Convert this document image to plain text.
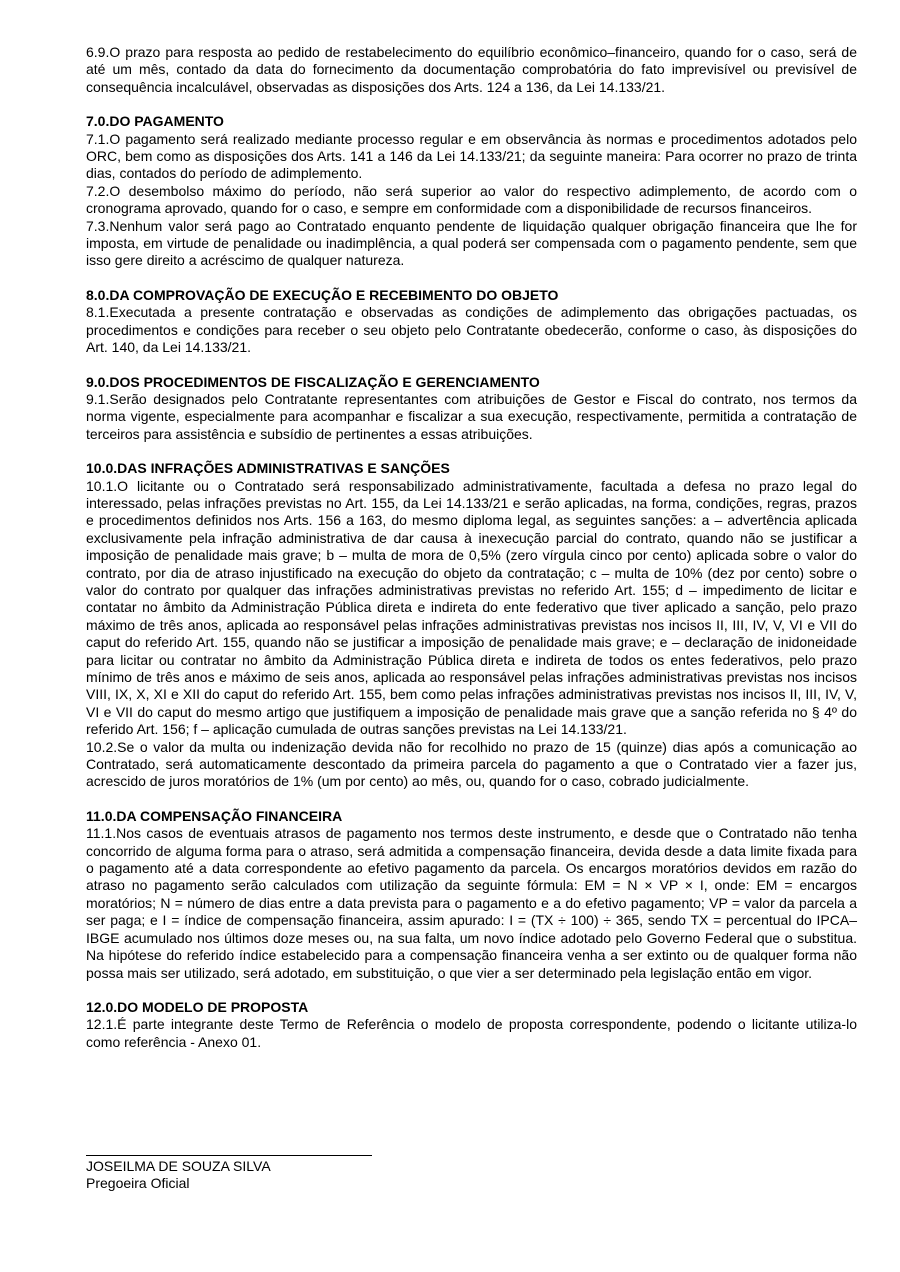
6.9.O prazo para resposta ao pedido de restabelecimento do equilíbrio econômico–financeiro, quando for o caso, será de até um mês, contado da data do fornecimento da documentação comprobatória do fato imprevisível ou previsível de consequência incalculável, observadas as disposições dos Arts. 124 a 136, da Lei 14.133/21.

7.0.DO PAGAMENTO

7.1.O pagamento será realizado mediante processo regular e em observância às normas e procedimentos adotados pelo ORC, bem como as disposições dos Arts. 141 a 146 da Lei 14.133/21; da seguinte maneira: Para ocorrer no prazo de trinta dias, contados do período de adimplemento.

7.2.O desembolso máximo do período, não será superior ao valor do respectivo adimplemento, de acordo com o cronograma aprovado, quando for o caso, e sempre em conformidade com a disponibilidade de recursos financeiros.

7.3.Nenhum valor será pago ao Contratado enquanto pendente de liquidação qualquer obrigação financeira que lhe for imposta, em virtude de penalidade ou inadimplência, a qual poderá ser compensada com o pagamento pendente, sem que isso gere direito a acréscimo de qualquer natureza.

8.0.DA COMPROVAÇÃO DE EXECUÇÃO E RECEBIMENTO DO OBJETO

8.1.Executada a presente contratação e observadas as condições de adimplemento das obrigações pactuadas, os procedimentos e condições para receber o seu objeto pelo Contratante obedecerão, conforme o caso, às disposições do Art. 140, da Lei 14.133/21.

9.0.DOS PROCEDIMENTOS DE FISCALIZAÇÃO E GERENCIAMENTO

9.1.Serão designados pelo Contratante representantes com atribuições de Gestor e Fiscal do contrato, nos termos da norma vigente, especialmente para acompanhar e fiscalizar a sua execução, respectivamente, permitida a contratação de terceiros para assistência e subsídio de pertinentes a essas atribuições.

10.0.DAS INFRAÇÕES ADMINISTRATIVAS E SANÇÕES

10.1.O licitante ou o Contratado será responsabilizado administrativamente, facultada a defesa no prazo legal do interessado, pelas infrações previstas no Art. 155, da Lei 14.133/21 e serão aplicadas, na forma, condições, regras, prazos e procedimentos definidos nos Arts. 156 a 163, do mesmo diploma legal, as seguintes sanções: a – advertência aplicada exclusivamente pela infração administrativa de dar causa à inexecução parcial do contrato, quando não se justificar a imposição de penalidade mais grave; b – multa de mora de 0,5% (zero vírgula cinco por cento) aplicada sobre o valor do contrato, por dia de atraso injustificado na execução do objeto da contratação; c – multa de 10% (dez por cento) sobre o valor do contrato por qualquer das infrações administrativas previstas no referido Art. 155; d – impedimento de licitar e contatar no âmbito da Administração Pública direta e indireta do ente federativo que tiver aplicado a sanção, pelo prazo máximo de três anos, aplicada ao responsável pelas infrações administrativas previstas nos incisos II, III, IV, V, VI e VII do caput do referido Art. 155, quando não se justificar a imposição de penalidade mais grave; e – declaração de inidoneidade para licitar ou contratar no âmbito da Administração Pública direta e indireta de todos os entes federativos, pelo prazo mínimo de três anos e máximo de seis anos, aplicada ao responsável pelas infrações administrativas previstas nos incisos VIII, IX, X, XI e XII do caput do referido Art. 155, bem como pelas infrações administrativas previstas nos incisos II, III, IV, V, VI e VII do caput do mesmo artigo que justifiquem a imposição de penalidade mais grave que a sanção referida no § 4º do referido Art. 156; f – aplicação cumulada de outras sanções previstas na Lei 14.133/21.

10.2.Se o valor da multa ou indenização devida não for recolhido no prazo de 15 (quinze) dias após a comunicação ao Contratado, será automaticamente descontado da primeira parcela do pagamento a que o Contratado vier a fazer jus, acrescido de juros moratórios de 1% (um por cento) ao mês, ou, quando for o caso, cobrado judicialmente.

11.0.DA COMPENSAÇÃO FINANCEIRA

11.1.Nos casos de eventuais atrasos de pagamento nos termos deste instrumento, e desde que o Contratado não tenha concorrido de alguma forma para o atraso, será admitida a compensação financeira, devida desde a data limite fixada para o pagamento até a data correspondente ao efetivo pagamento da parcela. Os encargos moratórios devidos em razão do atraso no pagamento serão calculados com utilização da seguinte fórmula: EM = N × VP × I, onde: EM = encargos moratórios; N = número de dias entre a data prevista para o pagamento e a do efetivo pagamento; VP = valor da parcela a ser paga; e I = índice de compensação financeira, assim apurado: I = (TX ÷ 100) ÷ 365, sendo TX = percentual do IPCA–IBGE acumulado nos últimos doze meses ou, na sua falta, um novo índice adotado pelo Governo Federal que o substitua. Na hipótese do referido índice estabelecido para a compensação financeira venha a ser extinto ou de qualquer forma não possa mais ser utilizado, será adotado, em substituição, o que vier a ser determinado pela legislação então em vigor.

12.0.DO MODELO DE PROPOSTA

12.1.É parte integrante deste Termo de Referência o modelo de proposta correspondente, podendo o licitante utiliza-lo como referência - Anexo 01.

JOSEILMA DE SOUZA SILVA
Pregoeira Oficial
